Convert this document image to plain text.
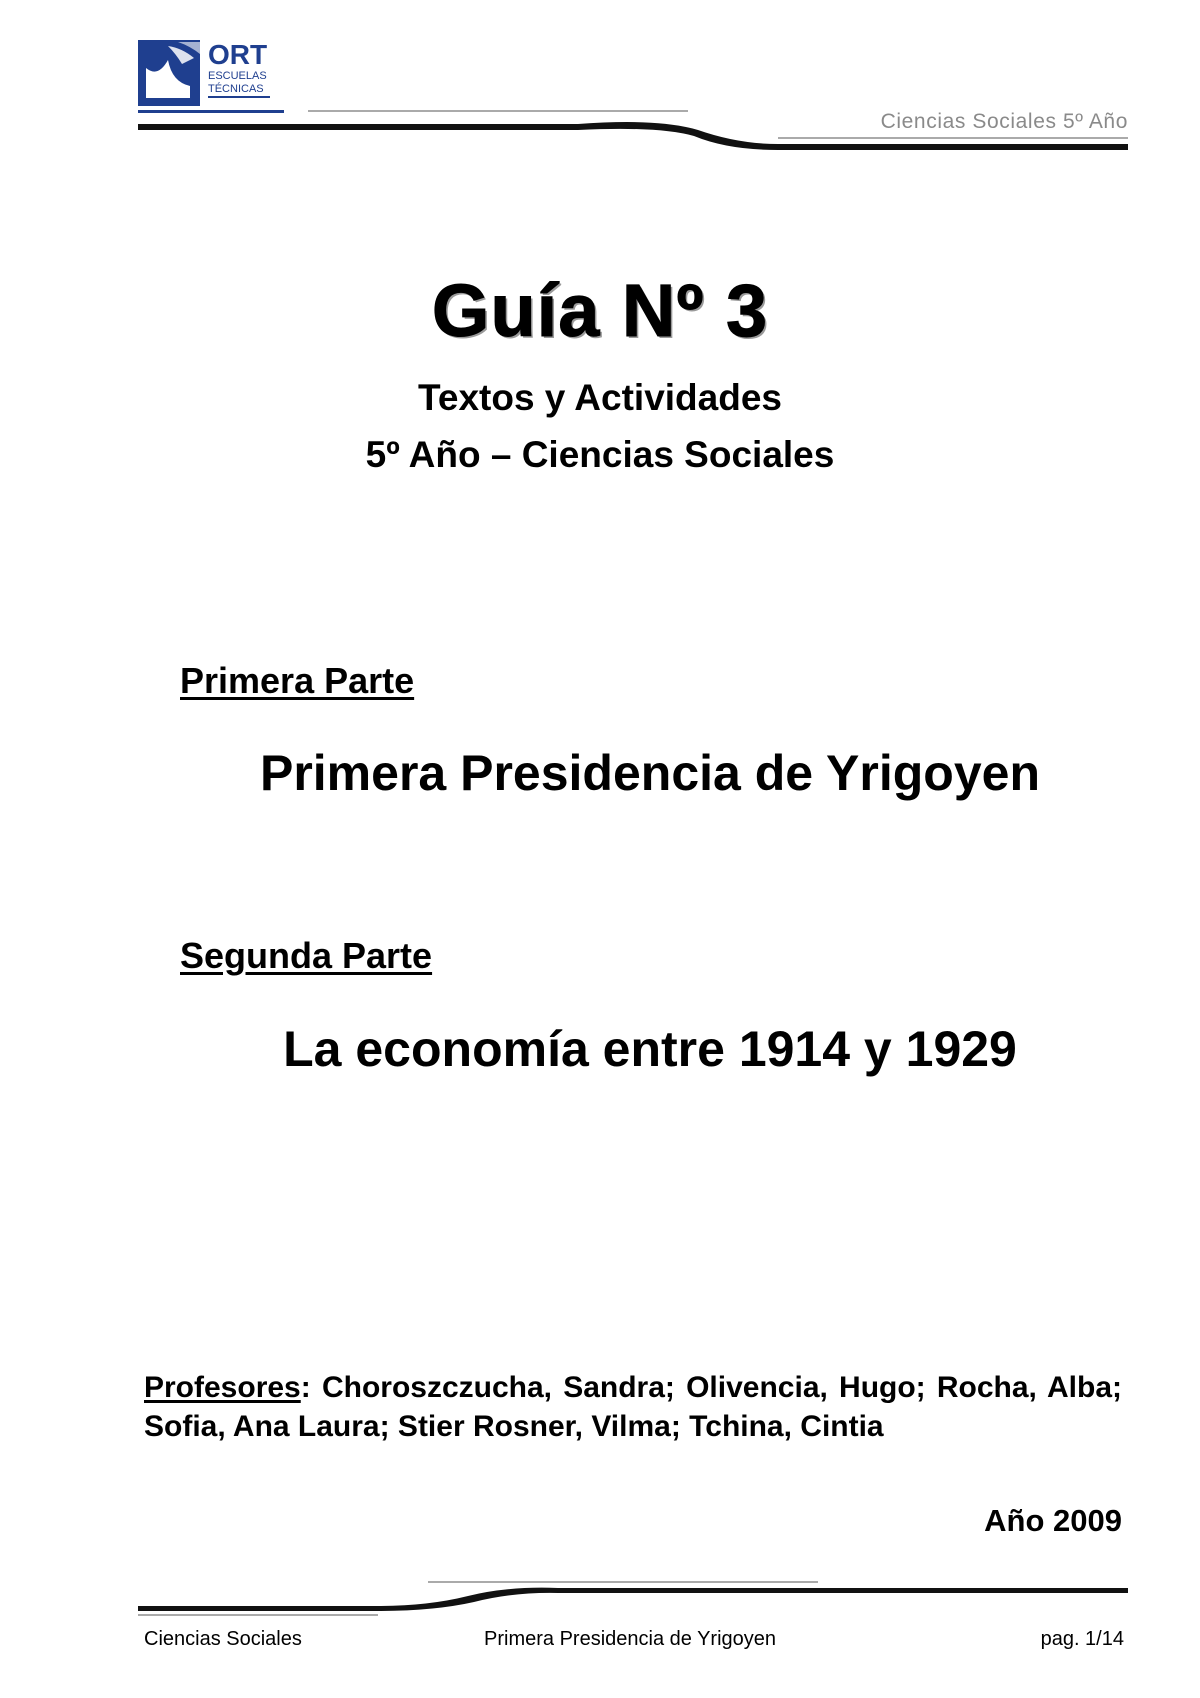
ORT
ESCUELAS
TÉCNICAS
Ciencias Sociales 5º Año
Guía Nº 3
Textos y Actividades
5º Año – Ciencias Sociales
Primera Parte
Primera Presidencia de Yrigoyen
Segunda Parte
La economía entre 1914 y 1929
Profesores: Choroszczucha, Sandra; Olivencia, Hugo; Rocha, Alba; Sofia, Ana Laura; Stier Rosner, Vilma; Tchina, Cintia
Año 2009
Ciencias Sociales	Primera Presidencia de Yrigoyen	pag. 1/14
